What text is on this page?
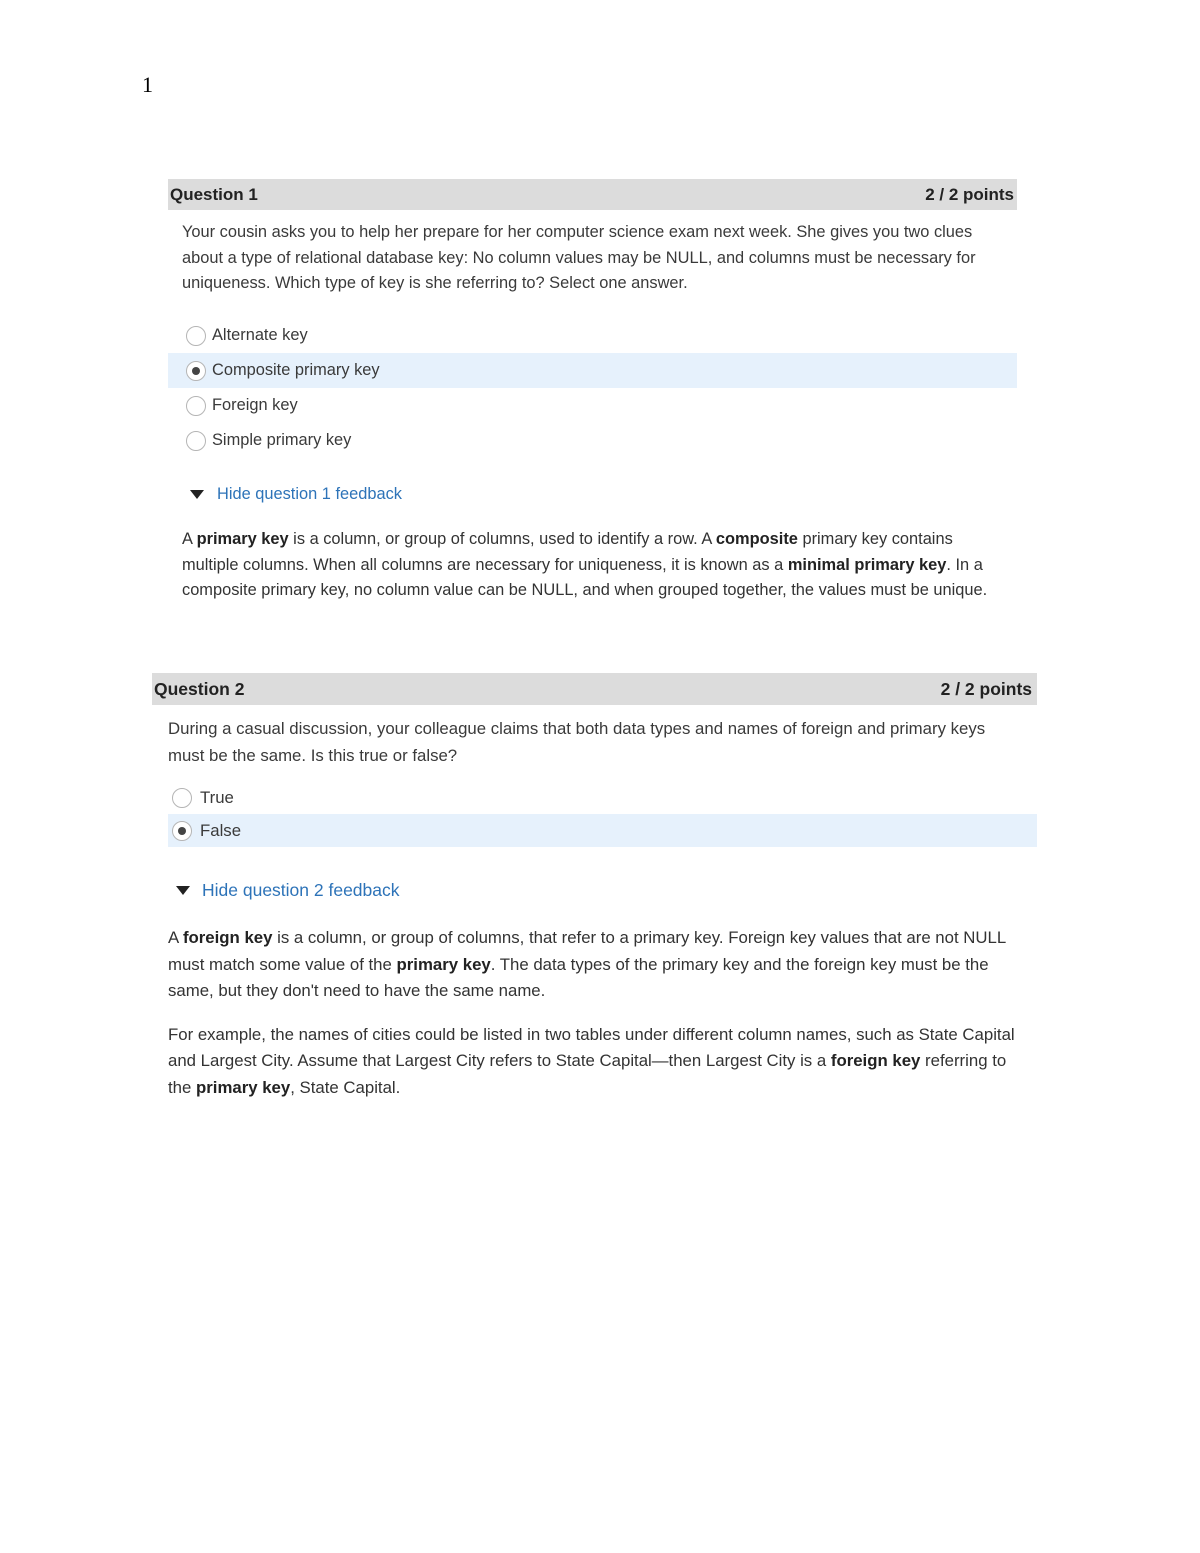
1
Question 1	2 / 2 points
Your cousin asks you to help her prepare for her computer science exam next week. She gives you two clues about a type of relational database key: No column values may be NULL, and columns must be necessary for uniqueness. Which type of key is she referring to? Select one answer.
Alternate key
Composite primary key
Foreign key
Simple primary key
Hide question 1 feedback

A primary key is a column, or group of columns, used to identify a row. A composite primary key contains multiple columns. When all columns are necessary for uniqueness, it is known as a minimal primary key. In a composite primary key, no column value can be NULL, and when grouped together, the values must be unique.

Question 2	2 / 2 points
During a casual discussion, your colleague claims that both data types and names of foreign and primary keys must be the same. Is this true or false?
True
False
Hide question 2 feedback

A foreign key is a column, or group of columns, that refer to a primary key. Foreign key values that are not NULL must match some value of the primary key. The data types of the primary key and the foreign key must be the same, but they don't need to have the same name.

For example, the names of cities could be listed in two tables under different column names, such as State Capital and Largest City. Assume that Largest City refers to State Capital—then Largest City is a foreign key referring to the primary key, State Capital.
